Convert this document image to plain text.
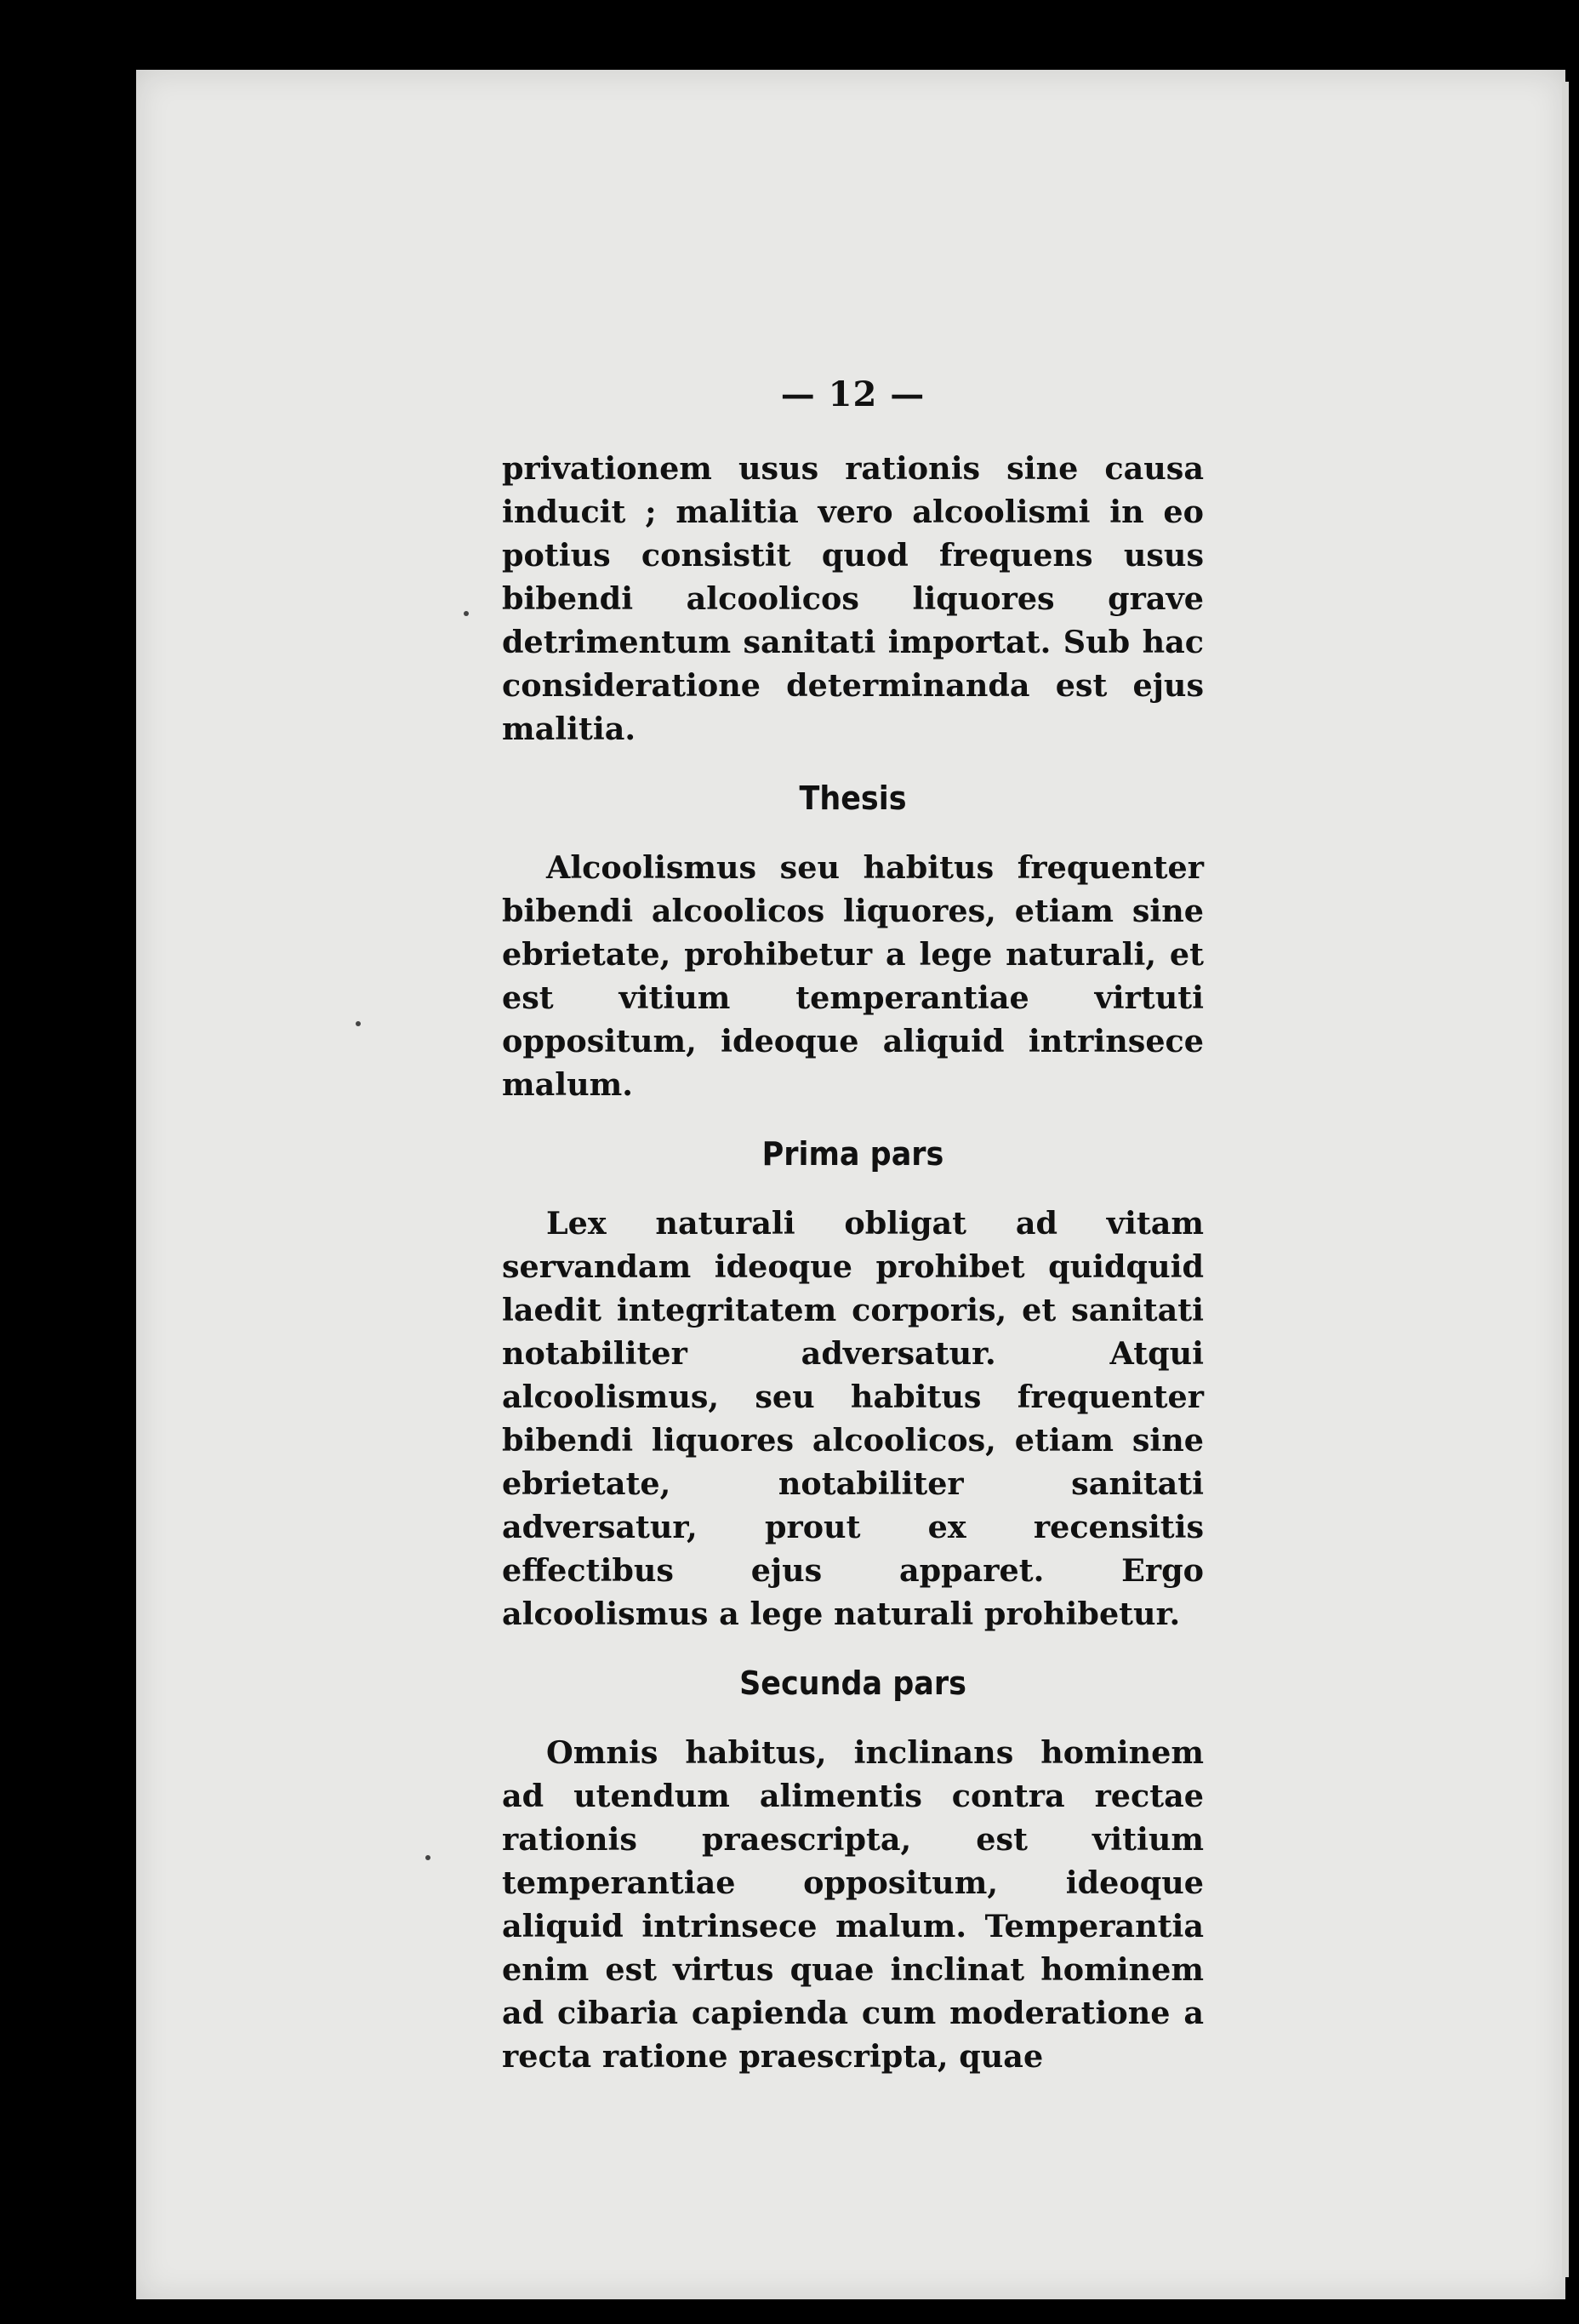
— 12 —

privationem usus rationis sine causa inducit ; malitia vero alcoolismi in eo potius consistit quod frequens usus bibendi alcoolicos liquores grave detrimentum sanitati importat. Sub hac consideratione determinanda est ejus malitia.

Thesis

Alcoolismus seu habitus frequenter bibendi alcoolicos liquores, etiam sine ebrietate, prohibetur a lege naturali, et est vitium temperantiae virtuti oppositum, ideoque aliquid intrinsece malum.

Prima pars

Lex naturali obligat ad vitam servandam ideoque prohibet quidquid laedit integritatem corporis, et sanitati notabiliter adversatur. Atqui alcoolismus, seu habitus frequenter bibendi liquores alcoolicos, etiam sine ebrietate, notabiliter sanitati adversatur, prout ex recensitis effectibus ejus apparet. Ergo alcoolismus a lege naturali prohibetur.

Secunda pars

Omnis habitus, inclinans hominem ad utendum alimentis contra rectae rationis praescripta, est vitium temperantiae oppositum, ideoque aliquid intrinsece malum. Temperantia enim est virtus quae inclinat hominem ad cibaria capienda cum moderatione a recta ratione praescripta, quae
